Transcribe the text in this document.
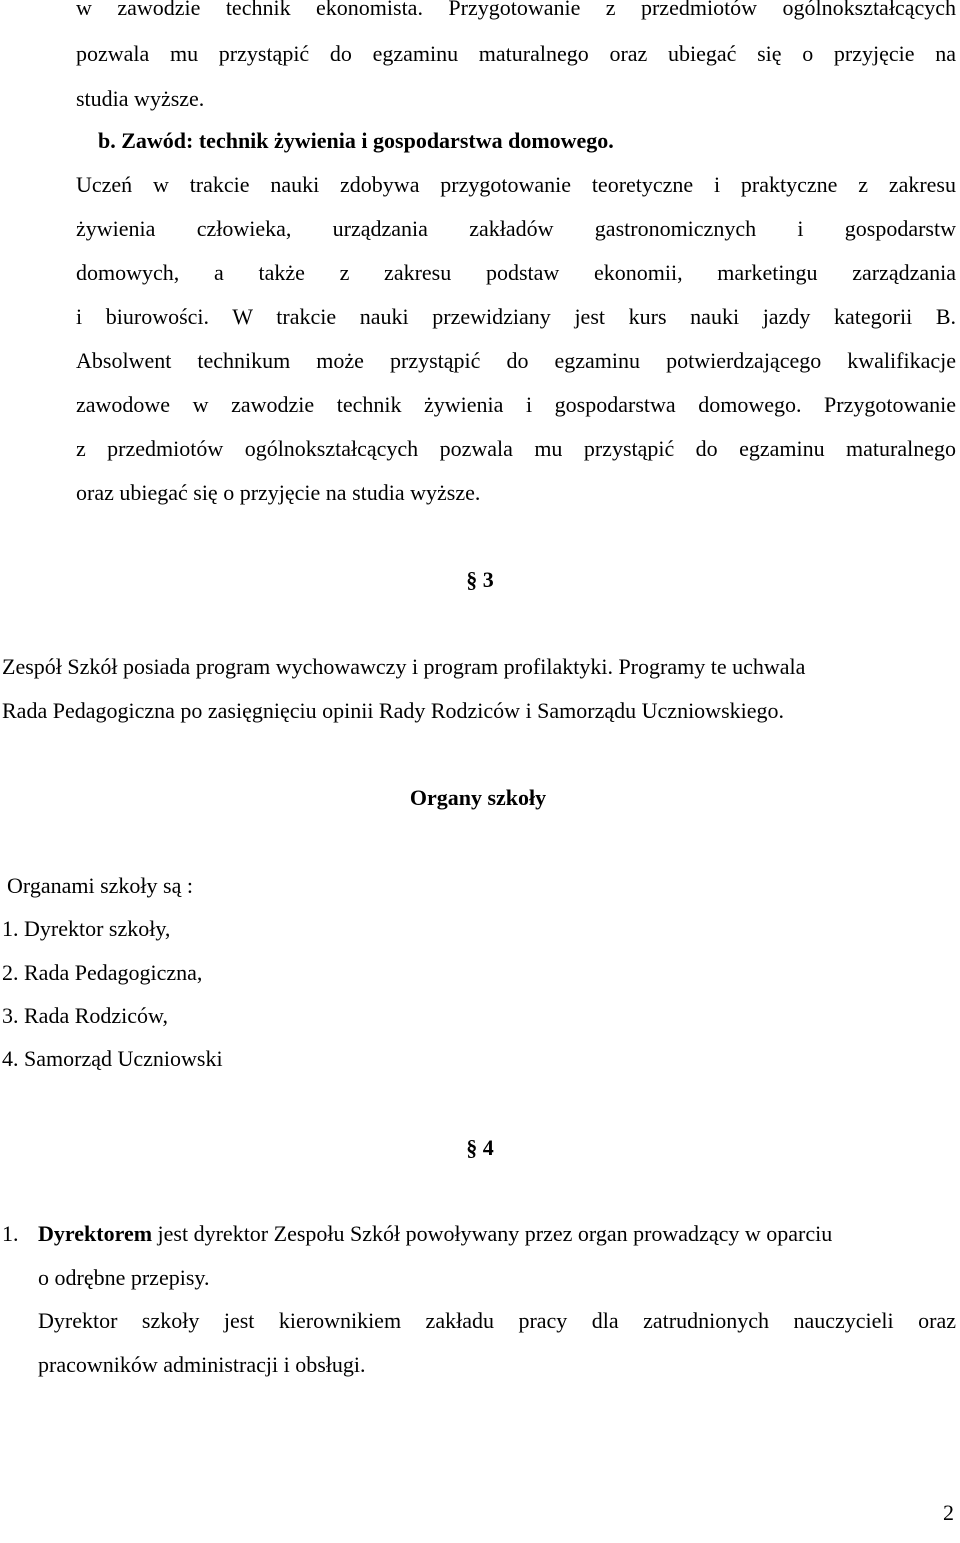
w zawodzie technik ekonomista. Przygotowanie z przedmiotów ogólnokształcących
pozwala mu przystąpić do egzaminu maturalnego oraz ubiegać się o przyjęcie na
studia wyższe.
b. Zawód: technik żywienia i gospodarstwa domowego.
Uczeń w trakcie nauki zdobywa przygotowanie teoretyczne i praktyczne z zakresu
żywienia człowieka, urządzania zakładów gastronomicznych i gospodarstw
domowych, a także z zakresu podstaw ekonomii, marketingu zarządzania
i biurowości. W trakcie nauki przewidziany jest kurs nauki jazdy kategorii B.
Absolwent technikum może przystąpić do egzaminu potwierdzającego kwalifikacje
zawodowe w zawodzie technik żywienia i gospodarstwa domowego. Przygotowanie
z przedmiotów ogólnokształcących pozwala mu przystąpić do egzaminu maturalnego
oraz ubiegać się o przyjęcie na studia wyższe.
§ 3
Zespół Szkół posiada program wychowawczy i program profilaktyki. Programy te uchwala
Rada Pedagogiczna po zasięgnięciu opinii Rady Rodziców i Samorządu Uczniowskiego.
Organy szkoły
Organami szkoły są :
1. Dyrektor szkoły,
2. Rada Pedagogiczna,
3. Rada Rodziców,
4. Samorząd Uczniowski
§ 4
1. Dyrektorem jest dyrektor Zespołu Szkół powoływany przez organ prowadzący w oparciu
o odrębne przepisy.
Dyrektor szkoły jest kierownikiem zakładu pracy dla zatrudnionych nauczycieli oraz
pracowników administracji i obsługi.
2
